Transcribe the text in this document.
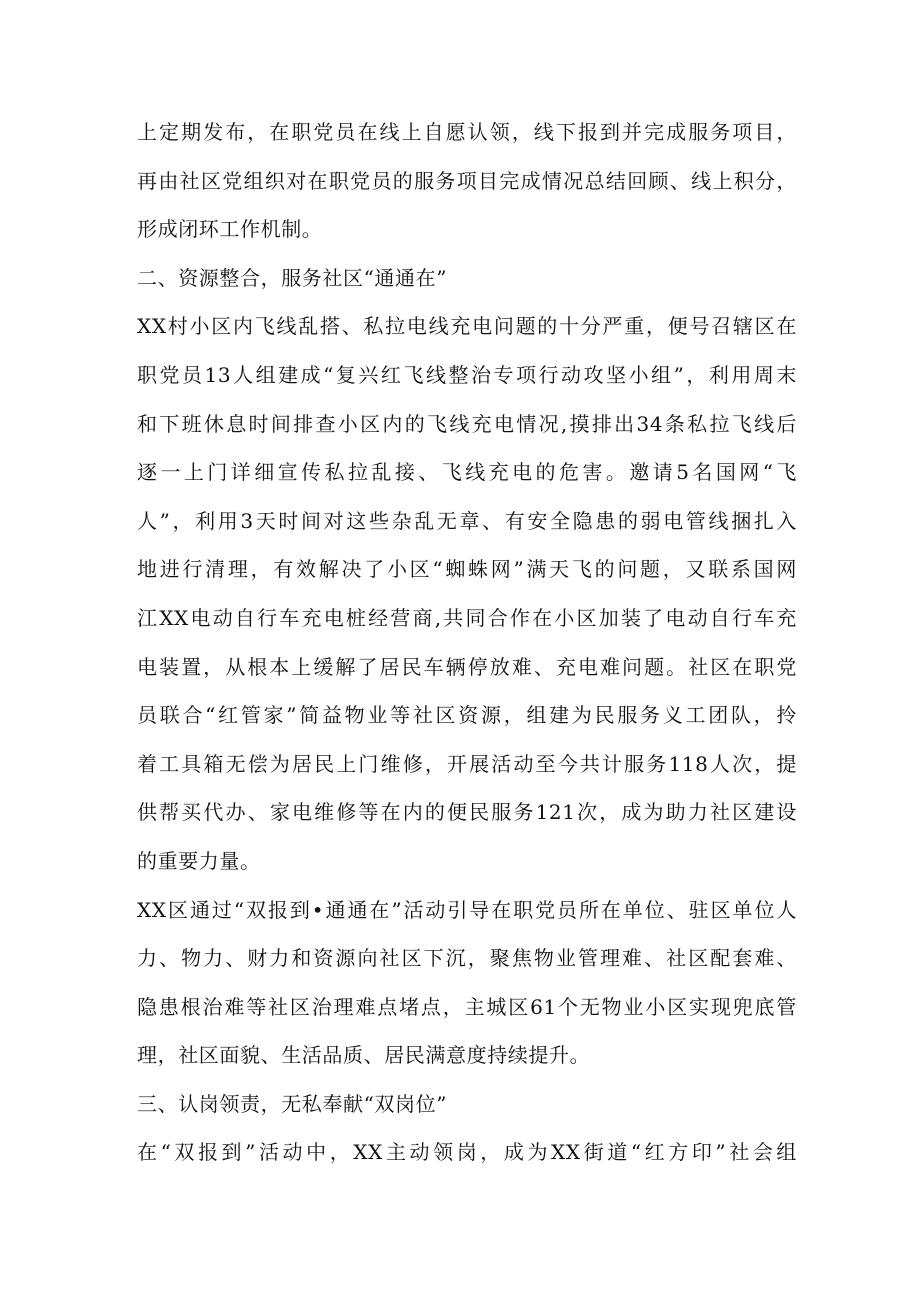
上定期发布，在职党员在线上自愿认领，线下报到并完成服务项目，
再由社区党组织对在职党员的服务项目完成情况总结回顾、线上积分，
形成闭环工作机制。
二、资源整合，服务社区“通通在”
XX村小区内飞线乱搭、私拉电线充电问题的十分严重，便号召辖区在
职党员13人组建成“复兴红飞线整治专项行动攻坚小组”，利用周末
和下班休息时间排查小区内的飞线充电情况,摸排出34条私拉飞线后
逐一上门详细宣传私拉乱接、飞线充电的危害。邀请5名国网“飞
人”，利用3天时间对这些杂乱无章、有安全隐患的弱电管线捆扎入
地进行清理，有效解决了小区“蜘蛛网”满天飞的问题，又联系国网
江XX电动自行车充电桩经营商,共同合作在小区加装了电动自行车充
电装置，从根本上缓解了居民车辆停放难、充电难问题。社区在职党
员联合“红管家”简益物业等社区资源，组建为民服务义工团队，拎
着工具箱无偿为居民上门维修，开展活动至今共计服务118人次，提
供帮买代办、家电维修等在内的便民服务121次，成为助力社区建设
的重要力量。
XX区通过“双报到•通通在”活动引导在职党员所在单位、驻区单位人
力、物力、财力和资源向社区下沉，聚焦物业管理难、社区配套难、
隐患根治难等社区治理难点堵点，主城区61个无物业小区实现兜底管
理，社区面貌、生活品质、居民满意度持续提升。
三、认岗领责，无私奉献“双岗位”
在“双报到”活动中，XX主动领岗，成为XX街道“红方印”社会组
